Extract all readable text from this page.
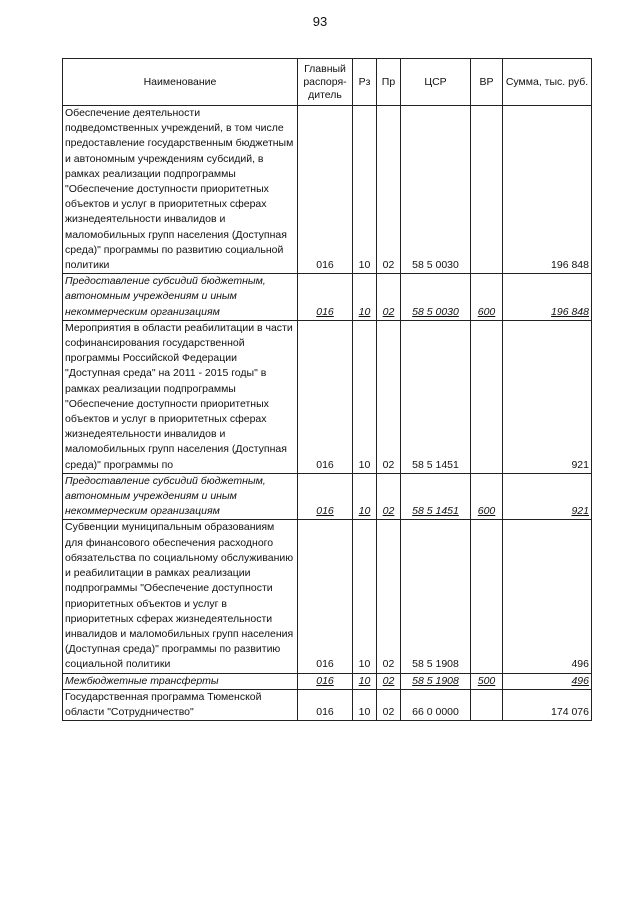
93
Наименование	Главный распоря-дитель	Рз	Пр	ЦСР	ВР	Сумма, тыс. руб.
Обеспечение деятельности подведомственных учреждений, в том числе предоставление государственным бюджетным и автономным учреждениям субсидий, в рамках реализации подпрограммы "Обеспечение доступности приоритетных объектов и услуг в приоритетных сферах жизнедеятельности инвалидов и маломобильных групп населения (Доступная среда)" программы по развитию социальной политики	016	10	02	58 5 0030		196 848
Предоставление субсидий бюджетным, автономным учреждениям и иным некоммерческим организациям	016	10	02	58 5 0030	600	196 848
Мероприятия в области реабилитации в части софинансирования государственной программы Российской Федерации "Доступная среда" на 2011 - 2015 годы" в рамках реализации подпрограммы "Обеспечение доступности приоритетных объектов и услуг в приоритетных сферах жизнедеятельности инвалидов и маломобильных групп населения (Доступная среда)" программы по	016	10	02	58 5 1451		921
Предоставление субсидий бюджетным, автономным учреждениям и иным некоммерческим организациям	016	10	02	58 5 1451	600	921
Субвенции муниципальным образованиям для финансового обеспечения расходного обязательства по социальному обслуживанию и реабилитации в рамках реализации подпрограммы "Обеспечение доступности приоритетных объектов и услуг в приоритетных сферах жизнедеятельности инвалидов и маломобильных групп населения (Доступная среда)" программы по развитию социальной политики	016	10	02	58 5 1908		496
Межбюджетные трансферты	016	10	02	58 5 1908	500	496
Государственная программа Тюменской области "Сотрудничество"	016	10	02	66 0 0000		174 076
